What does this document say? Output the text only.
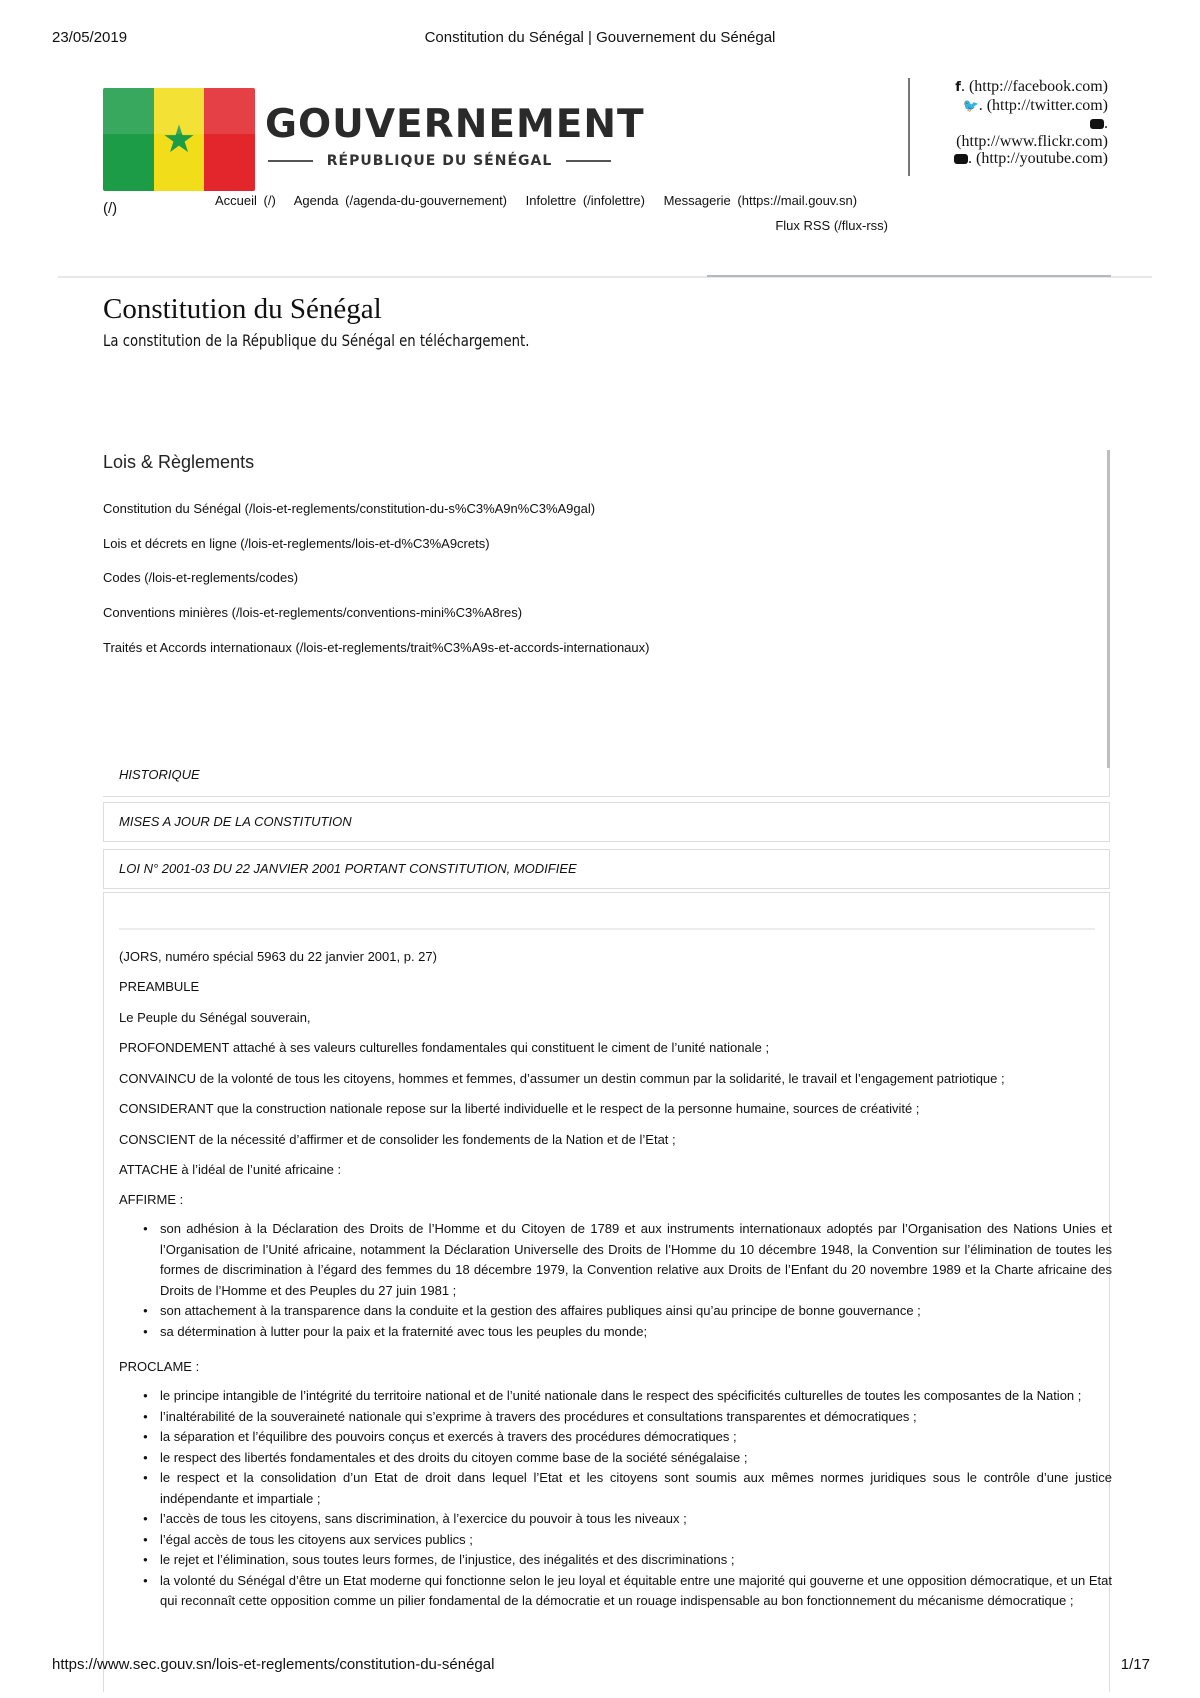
23/05/2019	Constitution du Sénégal | Gouvernement du Sénégal
★ GOUVERNEMENT
RÉPUBLIQUE DU SÉNÉGAL
(/)
f. (http://facebook.com)
🐦. (http://twitter.com)
.
(http://www.flickr.com)
. (http://youtube.com)
Accueil (/) Agenda (/agenda-du-gouvernement) Infolettre (/infolettre) Messagerie (https://mail.gouv.sn)
Flux RSS (/flux-rss)
Constitution du Sénégal
La constitution de la République du Sénégal en téléchargement.
Lois & Règlements
Constitution du Sénégal (/lois-et-reglements/constitution-du-s%C3%A9n%C3%A9gal)
Lois et décrets en ligne (/lois-et-reglements/lois-et-d%C3%A9crets)
Codes (/lois-et-reglements/codes)
Conventions minières (/lois-et-reglements/conventions-mini%C3%A8res)
Traités et Accords internationaux (/lois-et-reglements/trait%C3%A9s-et-accords-internationaux)
HISTORIQUE
MISES A JOUR DE LA CONSTITUTION
LOI N° 2001-03 DU 22 JANVIER 2001 PORTANT CONSTITUTION, MODIFIEE
(JORS, numéro spécial 5963 du 22 janvier 2001, p. 27)
PREAMBULE
Le Peuple du Sénégal souverain,
PROFONDEMENT attaché à ses valeurs culturelles fondamentales qui constituent le ciment de l’unité nationale ;
CONVAINCU de la volonté de tous les citoyens, hommes et femmes, d’assumer un destin commun par la solidarité, le travail et l’engagement patriotique ;
CONSIDERANT que la construction nationale repose sur la liberté individuelle et le respect de la personne humaine, sources de créativité ;
CONSCIENT de la nécessité d’affirmer et de consolider les fondements de la Nation et de l’Etat ;
ATTACHE à l’idéal de l’unité africaine :
AFFIRME :
● son adhésion à la Déclaration des Droits de l’Homme et du Citoyen de 1789 et aux instruments internationaux adoptés par l’Organisation des Nations Unies et l’Organisation de l’Unité africaine, notamment la Déclaration Universelle des Droits de l’Homme du 10 décembre 1948, la Convention sur l’élimination de toutes les formes de discrimination à l’égard des femmes du 18 décembre 1979, la Convention relative aux Droits de l’Enfant du 20 novembre 1989 et la Charte africaine des Droits de l’Homme et des Peuples du 27 juin 1981 ;
● son attachement à la transparence dans la conduite et la gestion des affaires publiques ainsi qu’au principe de bonne gouvernance ;
● sa détermination à lutter pour la paix et la fraternité avec tous les peuples du monde;
PROCLAME :
● le principe intangible de l’intégrité du territoire national et de l’unité nationale dans le respect des spécificités culturelles de toutes les composantes de la Nation ;
● l’inaltérabilité de la souveraineté nationale qui s’exprime à travers des procédures et consultations transparentes et démocratiques ;
● la séparation et l’équilibre des pouvoirs conçus et exercés à travers des procédures démocratiques ;
● le respect des libertés fondamentales et des droits du citoyen comme base de la société sénégalaise ;
● le respect et la consolidation d’un Etat de droit dans lequel l’Etat et les citoyens sont soumis aux mêmes normes juridiques sous le contrôle d’une justice indépendante et impartiale ;
● l’accès de tous les citoyens, sans discrimination, à l’exercice du pouvoir à tous les niveaux ;
● l’égal accès de tous les citoyens aux services publics ;
● le rejet et l’élimination, sous toutes leurs formes, de l’injustice, des inégalités et des discriminations ;
● la volonté du Sénégal d’être un Etat moderne qui fonctionne selon le jeu loyal et équitable entre une majorité qui gouverne et une opposition démocratique, et un Etat qui reconnaît cette opposition comme un pilier fondamental de la démocratie et un rouage indispensable au bon fonctionnement du mécanisme démocratique ;
https://www.sec.gouv.sn/lois-et-reglements/constitution-du-sénégal	1/17
